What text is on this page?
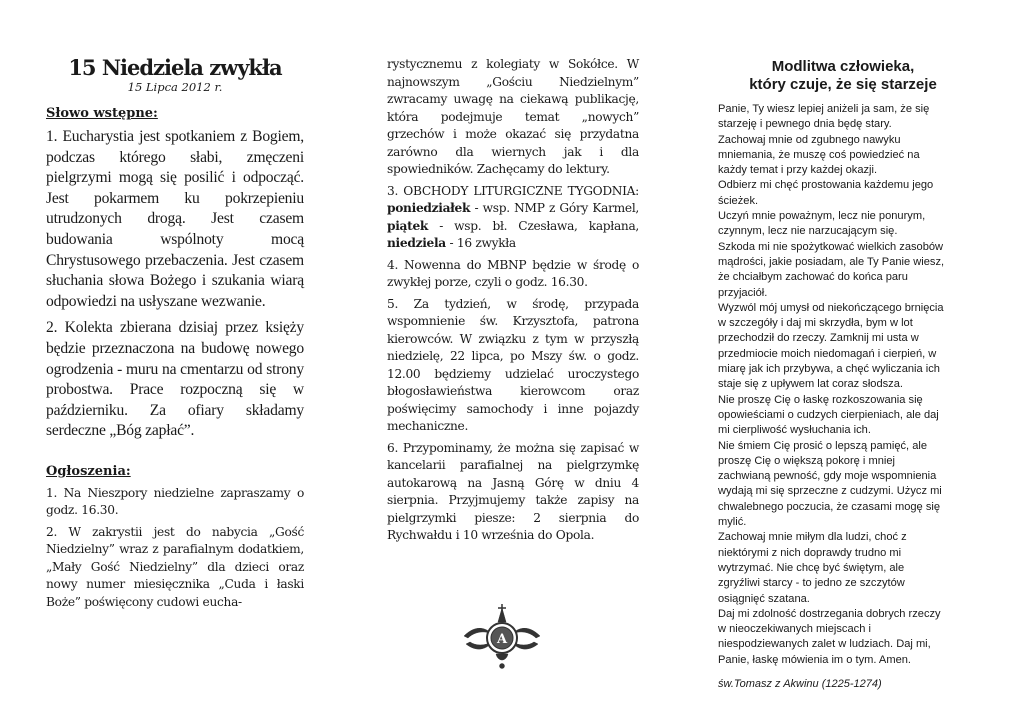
15 Niedziela zwykła
15 Lipca 2012 r.
Słowo wstępne:

1. Eucharystia jest spotkaniem z Bogiem, podczas którego słabi, zmęczeni pielgrzymi mogą się posilić i odpocząć. Jest pokarmem ku pokrzepieniu utrudzonych drogą. Jest czasem budowania wspólnoty mocą Chrystusowego przebaczenia. Jest czasem słuchania słowa Bożego i szukania wiarą odpowiedzi na usłyszane wezwanie.

2. Kolekta zbierana dzisiaj przez księży będzie przeznaczona na budowę nowego ogrodzenia - muru na cmentarzu od strony probostwa. Prace rozpoczną się w październiku. Za ofiary składamy serdeczne „Bóg zapłać”.

Ogłoszenia:

1. Na Nieszpory niedzielne zapraszamy o godz. 16.30.

2. W zakrystii jest do nabycia „Gość Niedzielny” wraz z parafialnym dodatkiem, „Mały Gość Niedzielny” dla dzieci oraz nowy numer miesięcznika „Cuda i łaski Boże” poświęcony cudowi eucha-

rystycznemu z kolegiaty w Sokółce. W najnowszym „Gościu Niedzielnym” zwracamy uwagę na ciekawą publikację, która podejmuje temat „nowych” grzechów i może okazać się przydatna zarówno dla wiernych jak i dla spowiedników. Zachęcamy do lektury.

3. OBCHODY LITURGICZNE TYGODNIA: poniedziałek - wsp. NMP z Góry Karmel, piątek - wsp. bł. Czesława, kapłana, niedziela - 16 zwykła

4. Nowenna do MBNP będzie w środę o zwykłej porze, czyli o godz. 16.30.

5. Za tydzień, w środę, przypada wspomnienie św. Krzysztofa, patrona kierowców. W związku z tym w przyszłą niedzielę, 22 lipca, po Mszy św. o godz. 12.00 będziemy udzielać uroczystego błogosławieństwa kierowcom oraz poświęcimy samochody i inne pojazdy mechaniczne.

6. Przypominamy, że można się zapisać w kancelarii parafialnej na pielgrzymkę autokarową na Jasną Górę w dniu 4 sierpnia. Przyjmujemy także zapisy na pielgrzymki piesze: 2 sierpnia do Rychwałdu i 10 września do Opola.

A
Modlitwa człowieka,
który czuje, że się starzeje
Panie, Ty wiesz lepiej aniżeli ja sam, że się
starzeję i pewnego dnia będę stary.
Zachowaj mnie od zgubnego nawyku
mniemania, że muszę coś powiedzieć na
każdy temat i przy każdej okazji.
Odbierz mi chęć prostowania każdemu jego
ścieżek.
Uczyń mnie poważnym, lecz nie ponurym,
czynnym, lecz nie narzucającym się.
Szkoda mi nie spożytkować wielkich zasobów
mądrości, jakie posiadam, ale Ty Panie wiesz,
że chciałbym zachować do końca paru
przyjaciół.
Wyzwól mój umysł od niekończącego brnięcia
w szczegóły i daj mi skrzydła, bym w lot
przechodził do rzeczy. Zamknij mi usta w
przedmiocie moich niedomagań i cierpień, w
miarę jak ich przybywa, a chęć wyliczania ich
staje się z upływem lat coraz słodsza.
Nie proszę Cię o łaskę rozkoszowania się
opowieściami o cudzych cierpieniach, ale daj
mi cierpliwość wysłuchania ich.
Nie śmiem Cię prosić o lepszą pamięć, ale
proszę Cię o większą pokorę i mniej
zachwianą pewność, gdy moje wspomnienia
wydają mi się sprzeczne z cudzymi. Użycz mi
chwalebnego poczucia, że czasami mogę się
mylić.
Zachowaj mnie miłym dla ludzi, choć z
niektórymi z nich doprawdy trudno mi
wytrzymać. Nie chcę być świętym, ale
zgryźliwi starcy - to jedno ze szczytów
osiągnięć szatana.
Daj mi zdolność dostrzegania dobrych rzeczy
w nieoczekiwanych miejscach i
niespodziewanych zalet w ludziach. Daj mi,
Panie, łaskę mówienia im o tym. Amen.
św.Tomasz z Akwinu (1225-1274)
